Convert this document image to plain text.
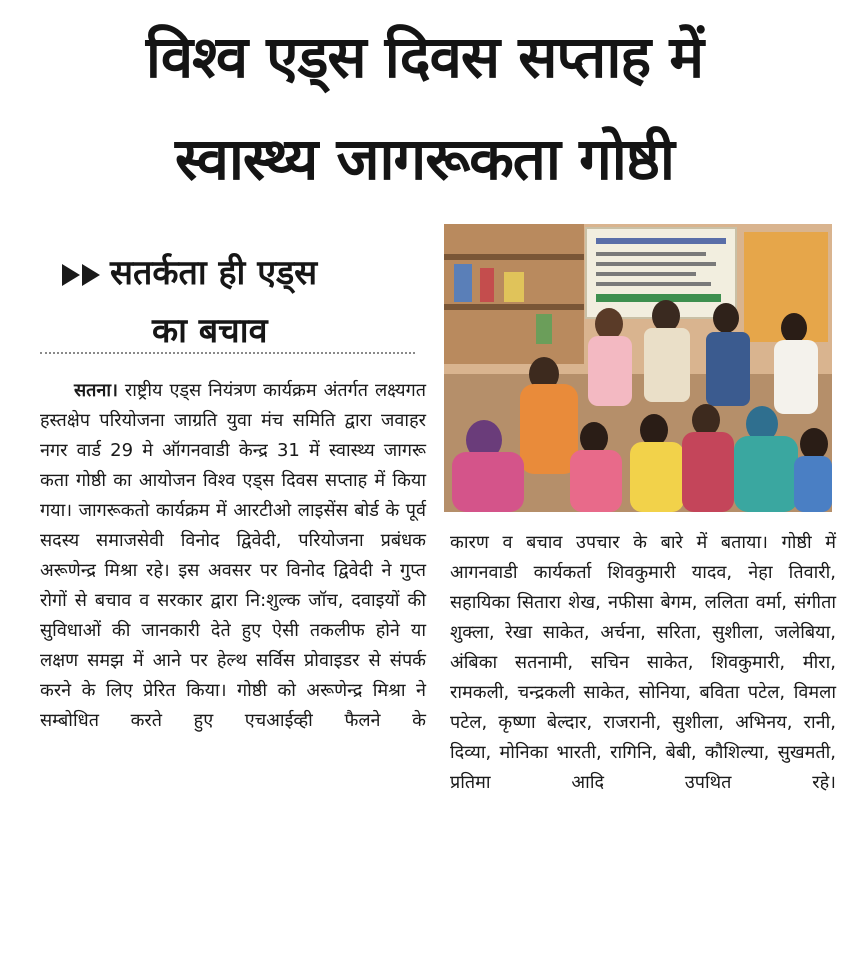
विश्व एड्स दिवस सप्ताह में
स्वास्थ्य जागरूकता गोष्ठी
सतर्कता ही एड्स
का बचाव
सतना। राष्ट्रीय एड्स नियंत्रण कार्यक्रम अंतर्गत लक्ष्यगत हस्तक्षेप परियोजना जाग्रति युवा मंच समिति द्वारा जवाहर नगर वार्ड 29 मे ऑगनवाडी केन्द्र 31 में स्वास्थ्य जागरू कता गोष्ठी का आयोजन विश्व एड्स दिवस सप्ताह में किया गया। जागरूकतो कार्यक्रम में आरटीओ लाइसेंस बोर्ड के पूर्व सदस्य समाजसेवी विनोद द्विवेदी, परियोजना प्रबंधक अरूणेन्द्र मिश्रा रहे। इस अवसर पर विनोद द्विवेदी ने गुप्त रोगों से बचाव व सरकार द्वारा नि:शुल्क जॉच, दवाइयों की सुविधाओं की जानकारी देते हुए ऐसी तकलीफ होने या लक्षण समझ में आने पर हेल्थ सर्विस प्रोवाइडर से संपर्क करने के लिए प्रेरित किया। गोष्ठी को अरूणेन्द्र मिश्रा ने सम्बोधित करते हुए एचआईव्ही फैलने के
कारण व बचाव उपचार के बारे में बताया। गोष्ठी में आगनवाडी कार्यकर्ता शिवकुमारी यादव, नेहा तिवारी, सहायिका सितारा शेख, नफीसा बेगम, ललिता वर्मा, संगीता शुक्ला, रेखा साकेत, अर्चना, सरिता, सुशीला, जलेबिया, अंबिका सतनामी, सचिन साकेत, शिवकुमारी, मीरा, रामकली, चन्द्रकली साकेत, सोनिया, बविता पटेल, विमला पटेल, कृष्णा बेल्दार, राजरानी, सुशीला, अभिनय, रानी, दिव्या, मोनिका भारती, रागिनि, बेबी, कौशिल्या, सुखमती, प्रतिमा आदि उपथित रहे।
